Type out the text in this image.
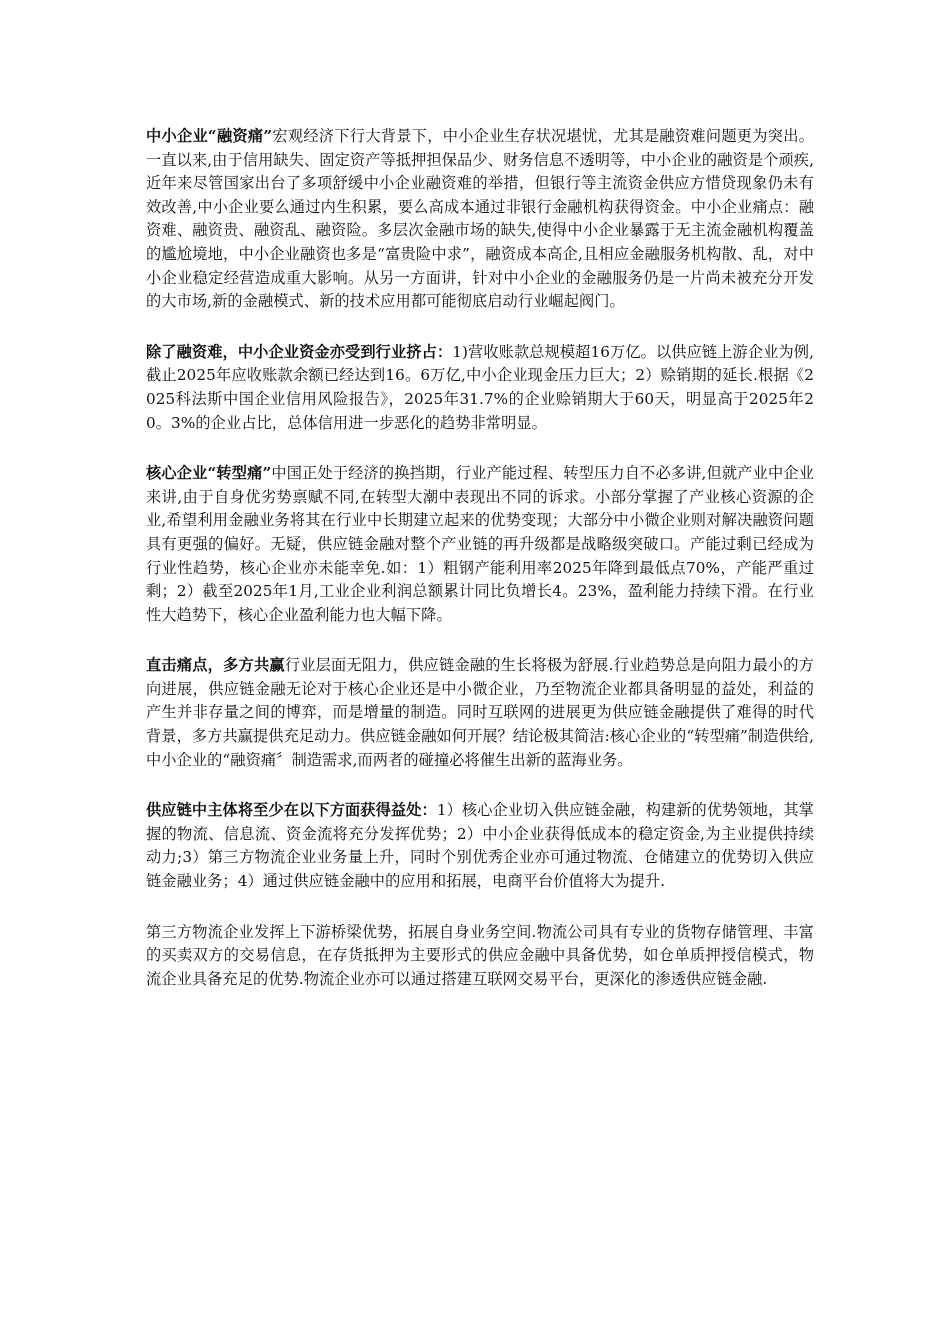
中小企业“融资痛”宏观经济下行大背景下，中小企业生存状况堪忧，尤其是融资难问题更为突出。一直以来,由于信用缺失、固定资产等抵押担保品少、财务信息不透明等，中小企业的融资是个顽疾,近年来尽管国家出台了多项舒缓中小企业融资难的举措，但银行等主流资金供应方惜贷现象仍未有效改善,中小企业要么通过内生积累，要么高成本通过非银行金融机构获得资金。中小企业痛点：融资难、融资贵、融资乱、融资险。多层次金融市场的缺失,使得中小企业暴露于无主流金融机构覆盖的尴尬境地，中小企业融资也多是“富贵险中求”，融资成本高企,且相应金融服务机构散、乱，对中小企业稳定经营造成重大影响。从另一方面讲，针对中小企业的金融服务仍是一片尚未被充分开发的大市场,新的金融模式、新的技术应用都可能彻底启动行业崛起阀门。

除了融资难，中小企业资金亦受到行业挤占：1)营收账款总规模超16万亿。以供应链上游企业为例,截止2025年应收账款余额已经达到16。6万亿,中小企业现金压力巨大；2）赊销期的延长.根据《2025科法斯中国企业信用风险报告》，2025年31.7%的企业赊销期大于60天，明显高于2025年20。3%的企业占比，总体信用进一步恶化的趋势非常明显。

核心企业“转型痛”中国正处于经济的换挡期，行业产能过程、转型压力自不必多讲,但就产业中企业来讲,由于自身优劣势禀赋不同,在转型大潮中表现出不同的诉求。小部分掌握了产业核心资源的企业,希望利用金融业务将其在行业中长期建立起来的优势变现；大部分中小微企业则对解决融资问题具有更强的偏好。无疑，供应链金融对整个产业链的再升级都是战略级突破口。产能过剩已经成为行业性趋势，核心企业亦未能幸免.如：1）粗钢产能利用率2025年降到最低点70%，产能严重过剩；2）截至2025年1月,工业企业利润总额累计同比负增长4。23%，盈利能力持续下滑。在行业性大趋势下，核心企业盈利能力也大幅下降。

直击痛点，多方共赢行业层面无阻力，供应链金融的生长将极为舒展.行业趋势总是向阻力最小的方向进展，供应链金融无论对于核心企业还是中小微企业，乃至物流企业都具备明显的益处，利益的产生并非存量之间的博弈，而是增量的制造。同时互联网的进展更为供应链金融提供了难得的时代背景，多方共赢提供充足动力。供应链金融如何开展？结论极其简洁:核心企业的“转型痛”制造供给,中小企业的“融资痛〞制造需求,而两者的碰撞必将催生出新的蓝海业务。

供应链中主体将至少在以下方面获得益处：1）核心企业切入供应链金融，构建新的优势领地，其掌握的物流、信息流、资金流将充分发挥优势；2）中小企业获得低成本的稳定资金,为主业提供持续动力;3）第三方物流企业业务量上升，同时个别优秀企业亦可通过物流、仓储建立的优势切入供应链金融业务；4）通过供应链金融中的应用和拓展，电商平台价值将大为提升.

第三方物流企业发挥上下游桥梁优势，拓展自身业务空间.物流公司具有专业的货物存储管理、丰富的买卖双方的交易信息，在存货抵押为主要形式的供应金融中具备优势，如仓单质押授信模式，物流企业具备充足的优势.物流企业亦可以通过搭建互联网交易平台，更深化的渗透供应链金融.
